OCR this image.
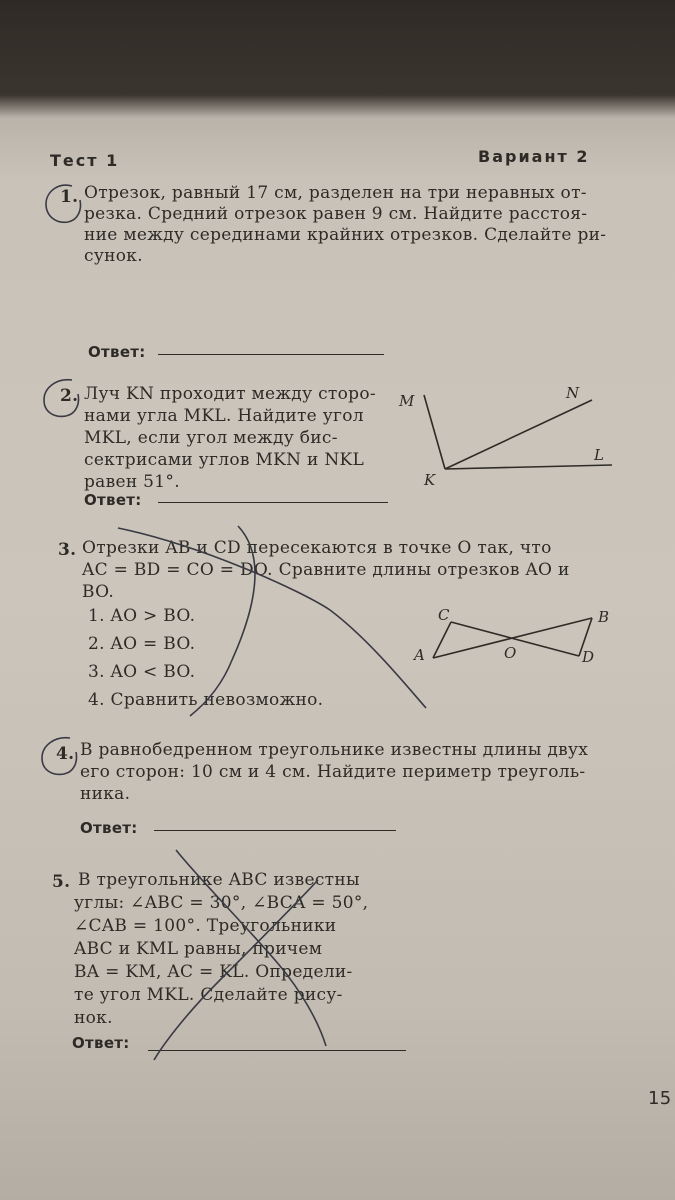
Тест 1	Вариант 2
1. Отрезок, равный 17 см, разделен на три неравных от-
резка. Средний отрезок равен 9 см. Найдите расстоя-
ние между серединами крайних отрезков. Сделайте ри-
сунок.
Ответ:
2. Луч KN проходит между сторо-
нами угла MKL. Найдите угол
MKL, если угол между бис-
сектрисами углов MKN и NKL
равен 51°.
Ответ:
3. Отрезки AB и CD пересекаются в точке O так, что
AC = BD = CO = DO. Сравните длины отрезков AO и
BO.
1. AO > BO.
2. AO = BO.
3. AO < BO.
4. Сравнить невозможно.
4. В равнобедренном треугольнике известны длины двух
его сторон: 10 см и 4 см. Найдите периметр треуголь-
ника.
Ответ:
5. В треугольнике ABC известны
углы: ∠ABC = 30°, ∠BCA = 50°,
∠CAB = 100°. Треугольники
ABC и KML равны, причем
BA = KM, AC = KL. Определи-
те угол MKL. Сделайте рису-
нок.
Ответ:
15
M	N
K
L
C	B
A	O	D
